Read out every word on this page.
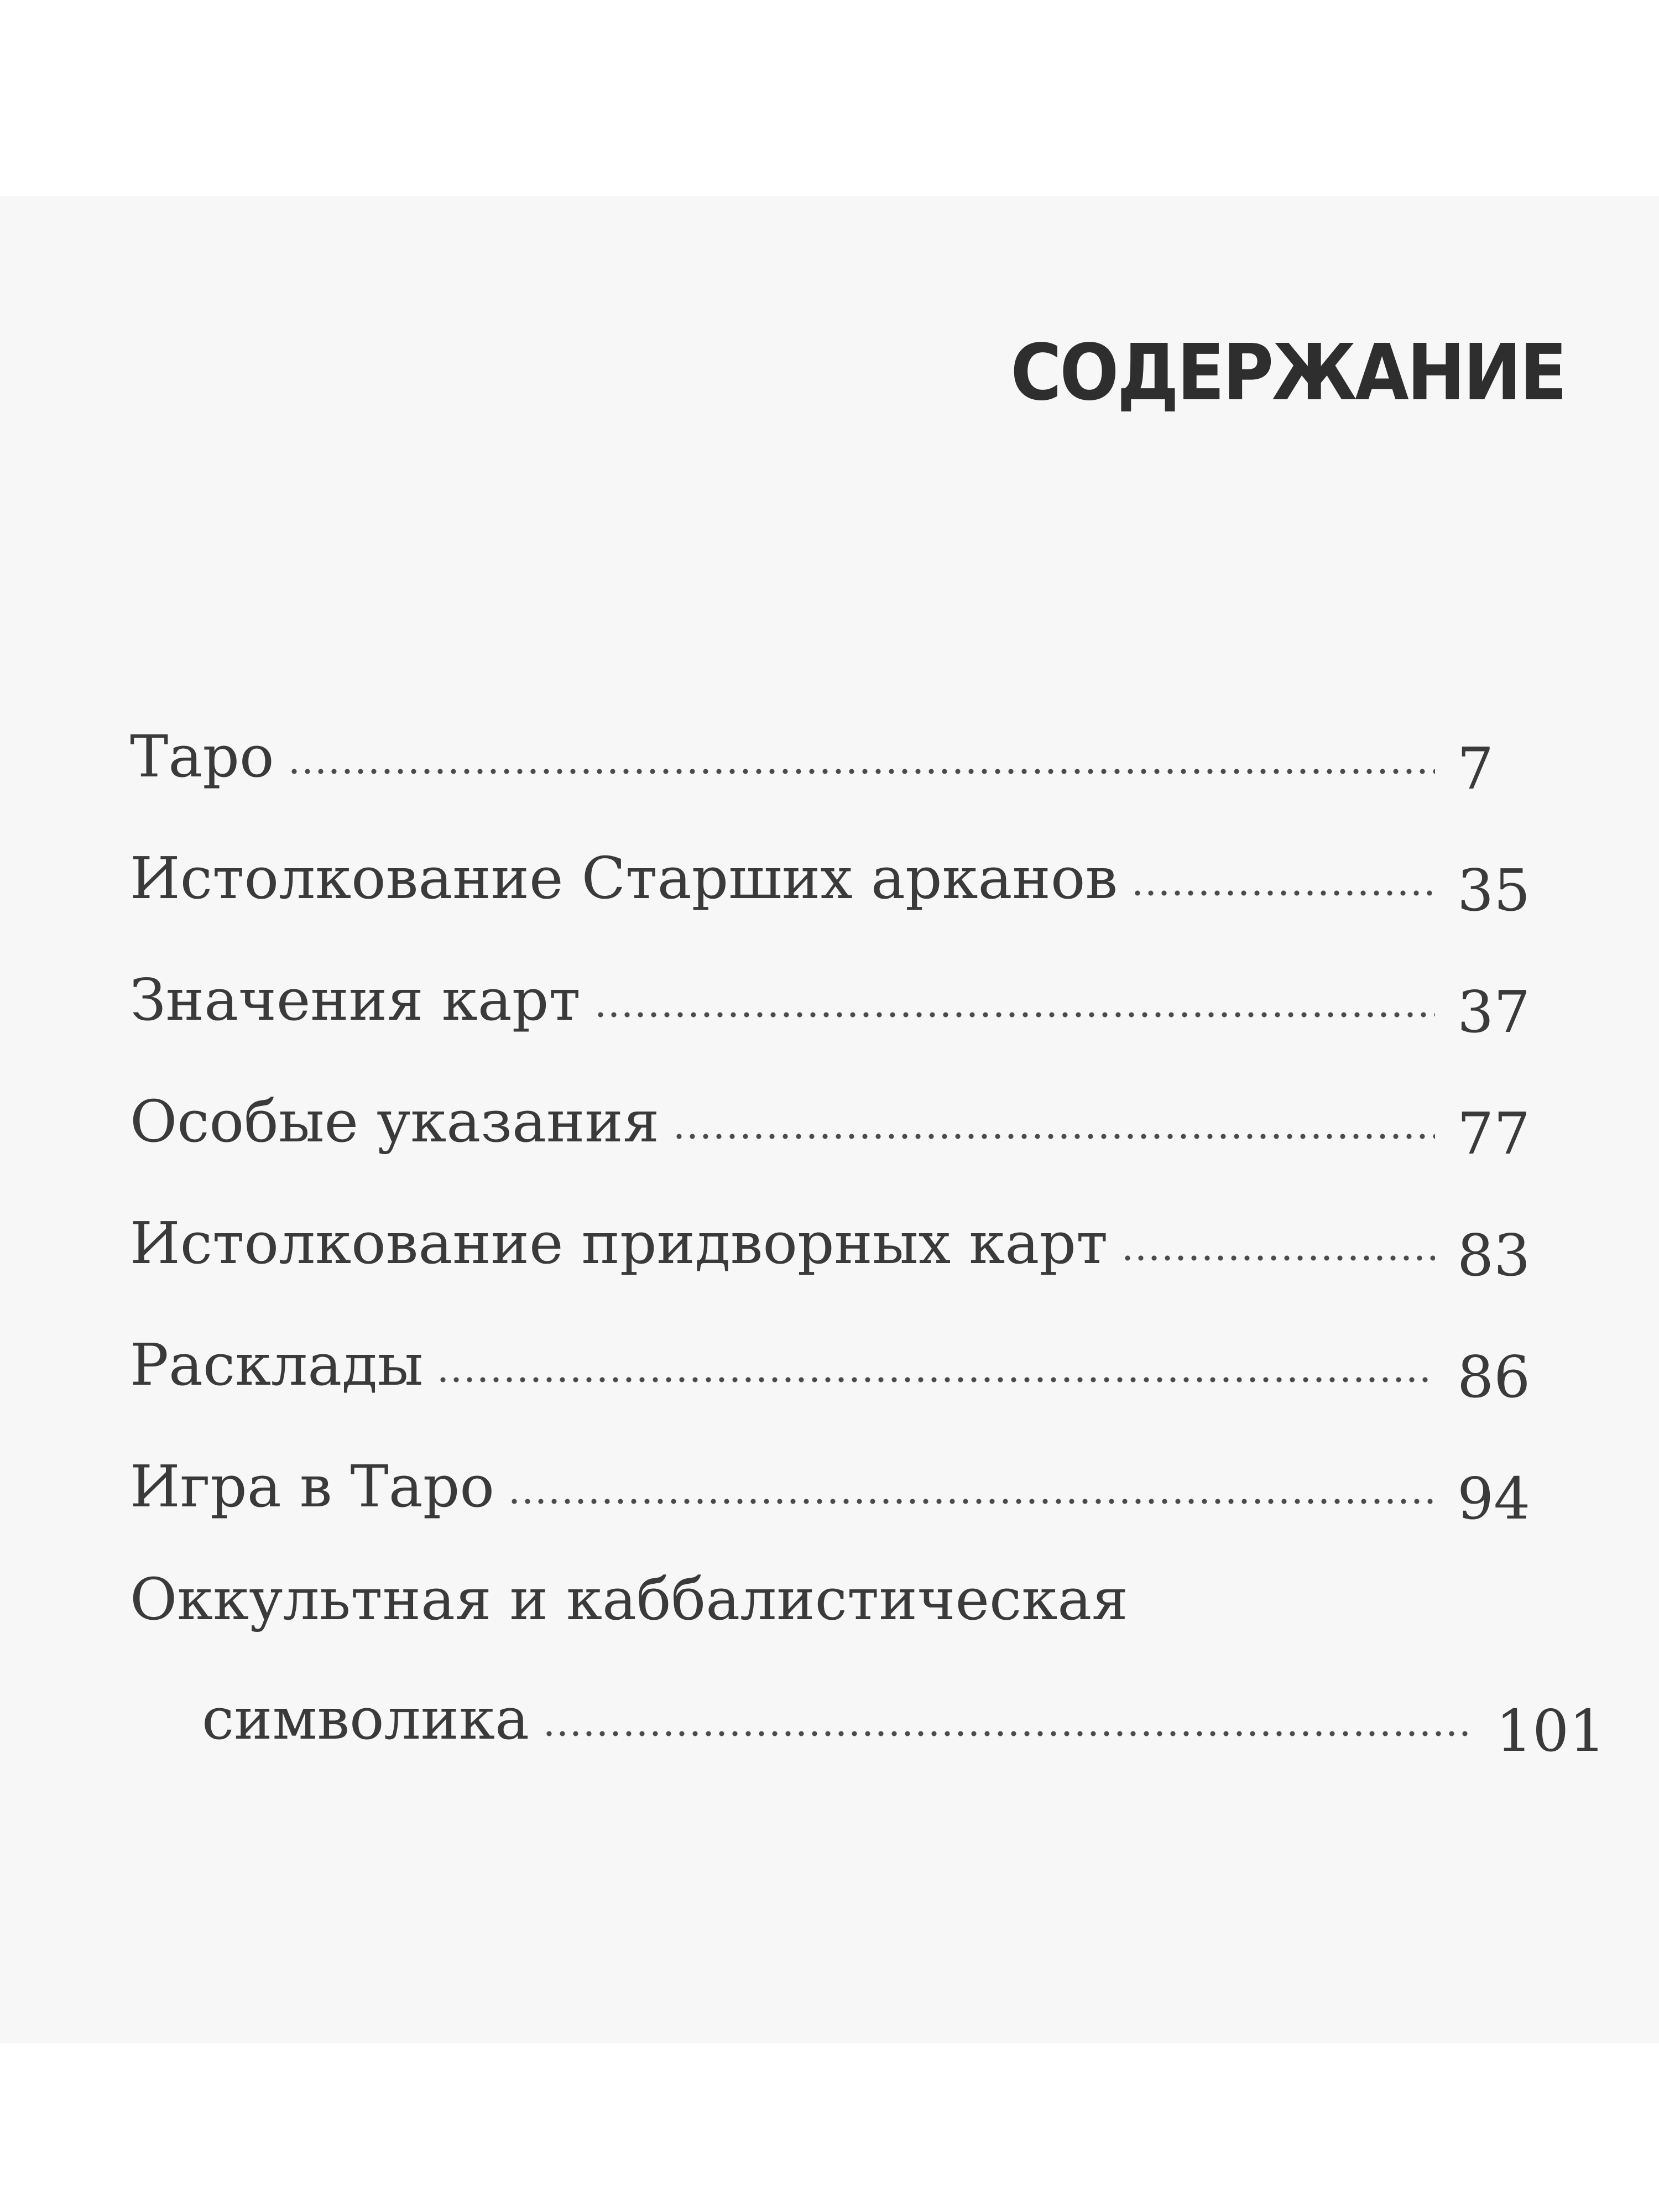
СОДЕРЖАНИЕ
Таро	7
Истолкование Старших арканов	35
Значения карт	37
Особые указания	77
Истолкование придворных карт	83
Расклады	86
Игра в Таро	94
Оккультная и каббалистическая
символика	101
